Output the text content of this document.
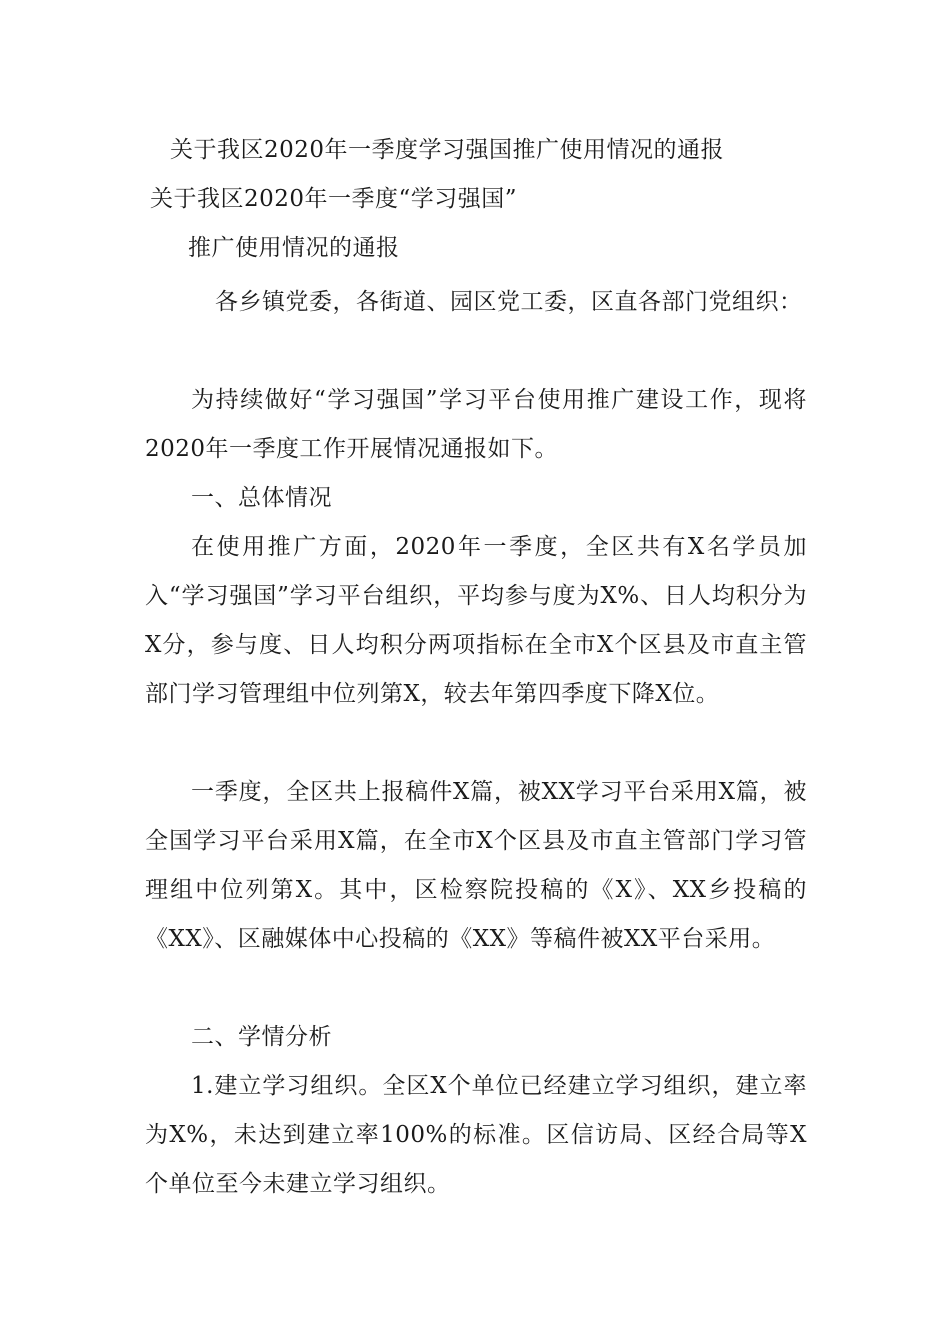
关于我区2020年一季度学习强国推广使用情况的通报
关于我区2020年一季度“学习强国”
推广使用情况的通报
各乡镇党委，各街道、园区党工委，区直各部门党组织：
为持续做好“学习强国”学习平台使用推广建设工作，现将2020年一季度工作开展情况通报如下。
一、总体情况
在使用推广方面，2020年一季度，全区共有X名学员加入“学习强国”学习平台组织，平均参与度为X%、日人均积分为X分，参与度、日人均积分两项指标在全市X个区县及市直主管部门学习管理组中位列第X，较去年第四季度下降X位。
一季度，全区共上报稿件X篇，被XX学习平台采用X篇，被全国学习平台采用X篇，在全市X个区县及市直主管部门学习管理组中位列第X。其中，区检察院投稿的《X》、XX乡投稿的《XX》、区融媒体中心投稿的《XX》等稿件被XX平台采用。
二、学情分析
1.建立学习组织。全区X个单位已经建立学习组织，建立率为X%，未达到建立率100%的标准。区信访局、区经合局等X个单位至今未建立学习组织。
